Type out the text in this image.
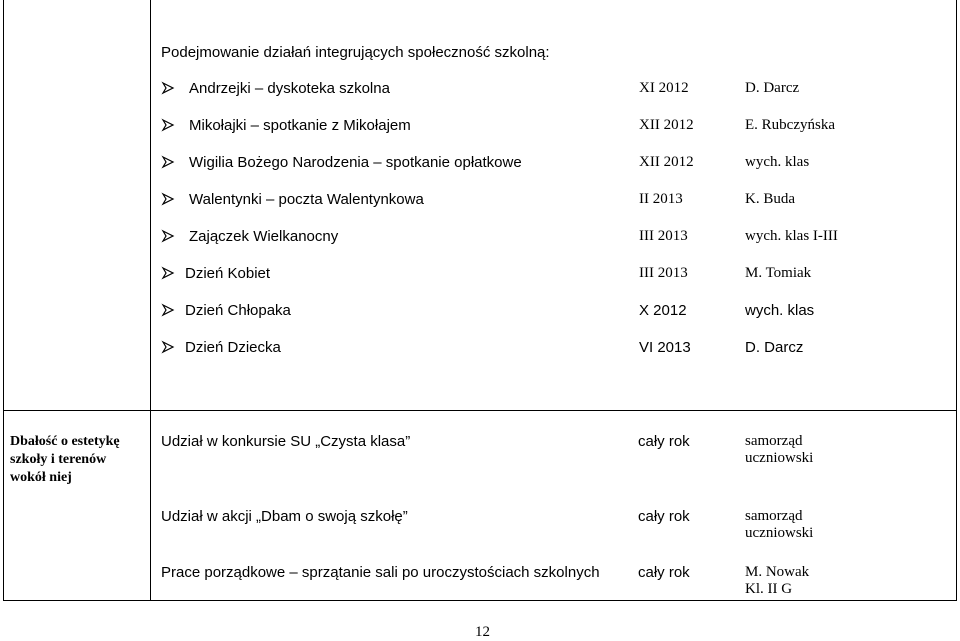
Podejmowanie działań integrujących społeczność szkolną:
Andrzejki – dyskoteka szkolna	XI 2012	D. Darcz
Mikołajki – spotkanie z Mikołajem	XII 2012	E. Rubczyńska
Wigilia Bożego Narodzenia – spotkanie opłatkowe	XII 2012	wych. klas
Walentynki – poczta Walentynkowa	II 2013	K. Buda
Zajączek Wielkanocny	III 2013	wych. klas I-III
Dzień Kobiet	III 2013	M. Tomiak
Dzień Chłopaka	X 2012	wych. klas
Dzień Dziecka	VI 2013	D. Darcz
Dbałość o estetykę
szkoły i terenów
wokół niej
Udział w konkursie SU „Czysta klasa”	cały rok	samorząd
uczniowski
Udział w akcji „Dbam o swoją szkołę”	cały rok	samorząd
uczniowski
Prace porządkowe – sprzątanie sali po uroczystościach szkolnych	cały rok	M. Nowak
Kl. II G
12
